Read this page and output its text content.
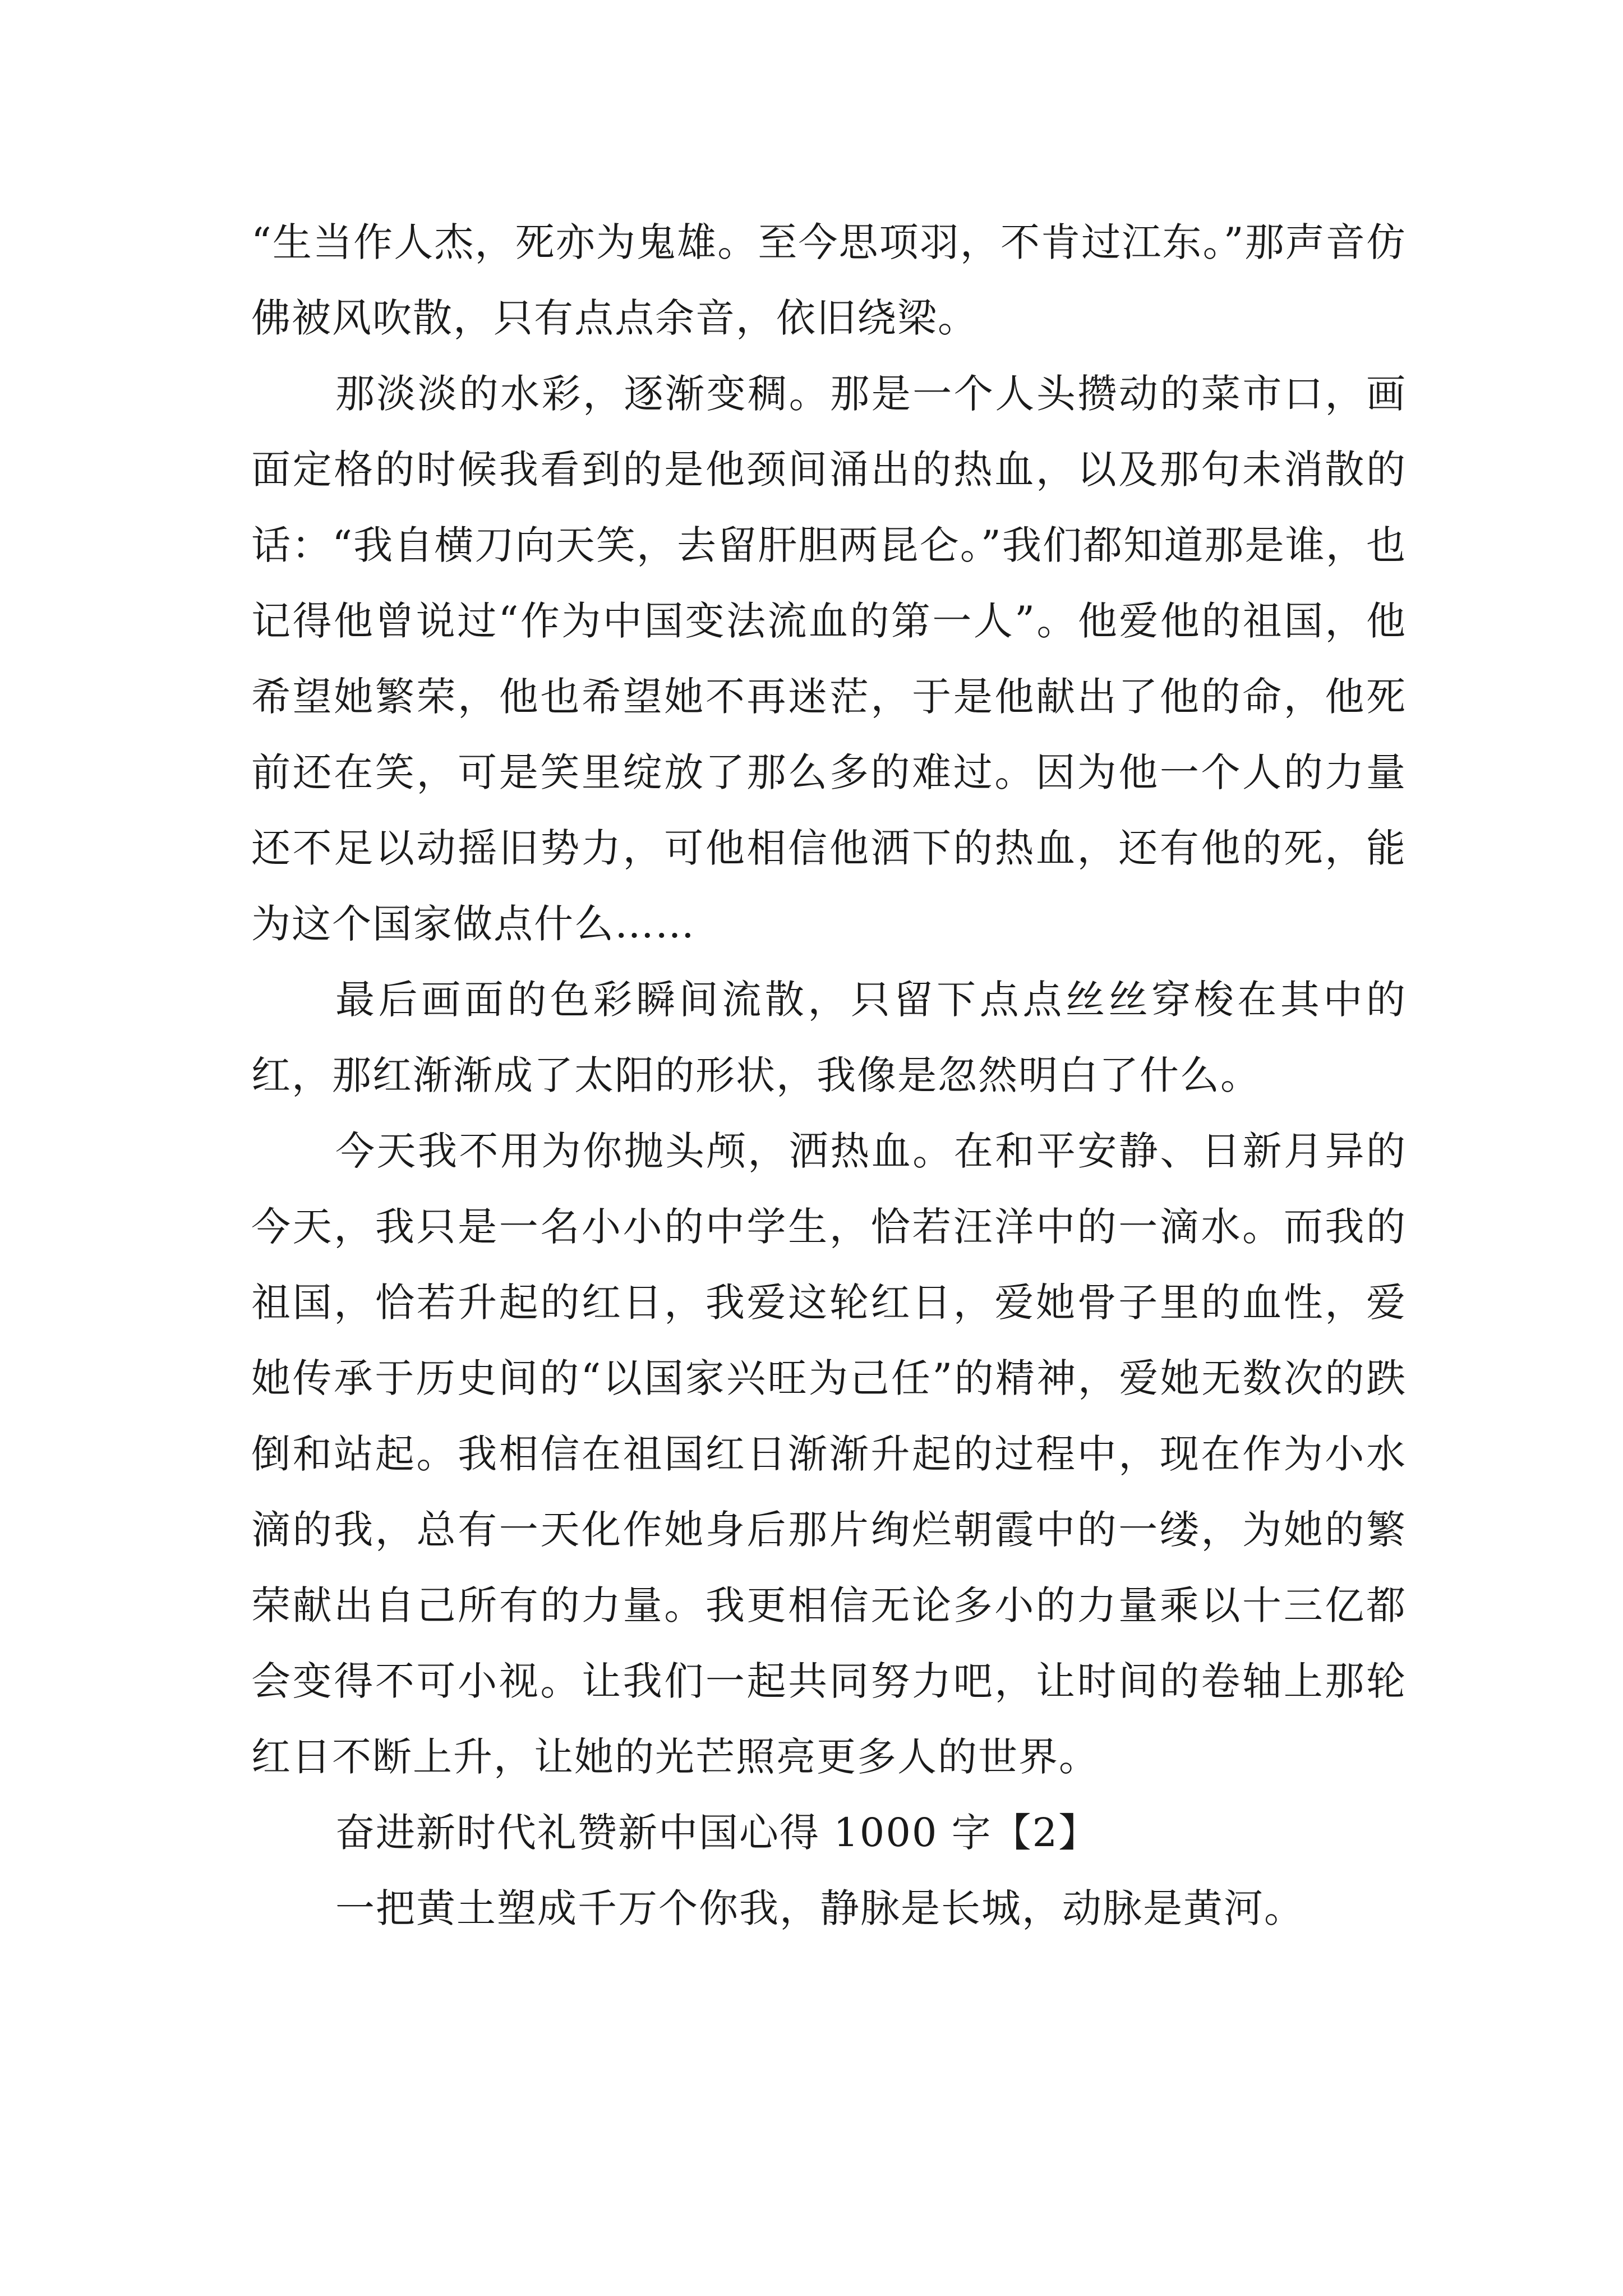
“生当作人杰，死亦为鬼雄。至今思项羽，不肯过江东。”那声音仿佛被风吹散，只有点点余音，依旧绕梁。

那淡淡的水彩，逐渐变稠。那是一个人头攒动的菜市口，画面定格的时候我看到的是他颈间涌出的热血，以及那句未消散的话：“我自横刀向天笑，去留肝胆两昆仑。”我们都知道那是谁，也记得他曾说过“作为中国变法流血的第一人”。他爱他的祖国，他希望她繁荣，他也希望她不再迷茫，于是他献出了他的命，他死前还在笑，可是笑里绽放了那么多的难过。因为他一个人的力量还不足以动摇旧势力，可他相信他洒下的热血，还有他的死，能为这个国家做点什么……

最后画面的色彩瞬间流散，只留下点点丝丝穿梭在其中的红，那红渐渐成了太阳的形状，我像是忽然明白了什么。

今天我不用为你抛头颅，洒热血。在和平安静、日新月异的今天，我只是一名小小的中学生，恰若汪洋中的一滴水。而我的祖国，恰若升起的红日，我爱这轮红日，爱她骨子里的血性，爱她传承于历史间的“以国家兴旺为己任”的精神，爱她无数次的跌倒和站起。我相信在祖国红日渐渐升起的过程中，现在作为小水滴的我，总有一天化作她身后那片绚烂朝霞中的一缕，为她的繁荣献出自己所有的力量。我更相信无论多小的力量乘以十三亿都会变得不可小视。让我们一起共同努力吧，让时间的卷轴上那轮红日不断上升，让她的光芒照亮更多人的世界。

奋进新时代礼赞新中国心得 1000 字【2】

一把黄土塑成千万个你我，静脉是长城，动脉是黄河。
